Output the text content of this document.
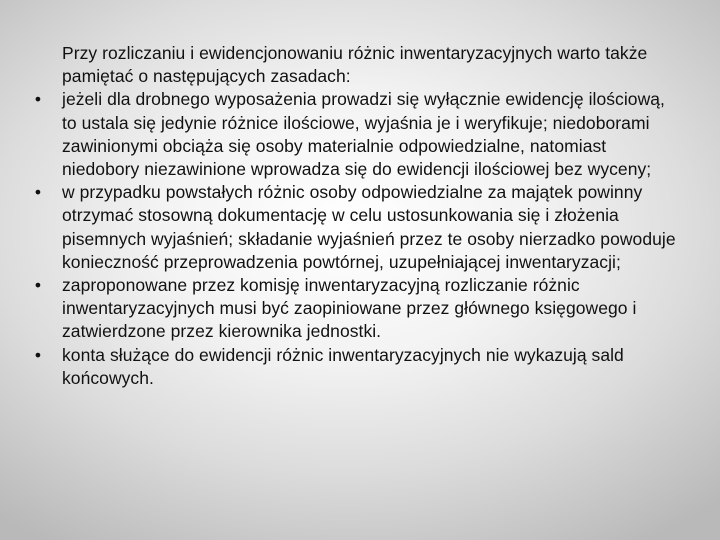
Przy rozliczaniu i ewidencjonowaniu różnic inwentaryzacyjnych warto także pamiętać o następujących zasadach:

• jeżeli dla drobnego wyposażenia prowadzi się wyłącznie ewidencję ilościową, to ustala się jedynie różnice ilościowe, wyjaśnia je i weryfikuje; niedoborami zawinionymi obciąża się osoby materialnie odpowiedzialne, natomiast niedobory niezawinione wprowadza się do ewidencji ilościowej bez wyceny;
• w przypadku powstałych różnic osoby odpowiedzialne za majątek powinny otrzymać stosowną dokumentację w celu ustosunkowania się i złożenia pisemnych wyjaśnień; składanie wyjaśnień przez te osoby nierzadko powoduje konieczność przeprowadzenia powtórnej, uzupełniającej inwentaryzacji;
• zaproponowane przez komisję inwentaryzacyjną rozliczanie różnic inwentaryzacyjnych musi być zaopiniowane przez głównego księgowego i zatwierdzone przez kierownika jednostki.
• konta służące do ewidencji różnic inwentaryzacyjnych nie wykazują sald końcowych.
